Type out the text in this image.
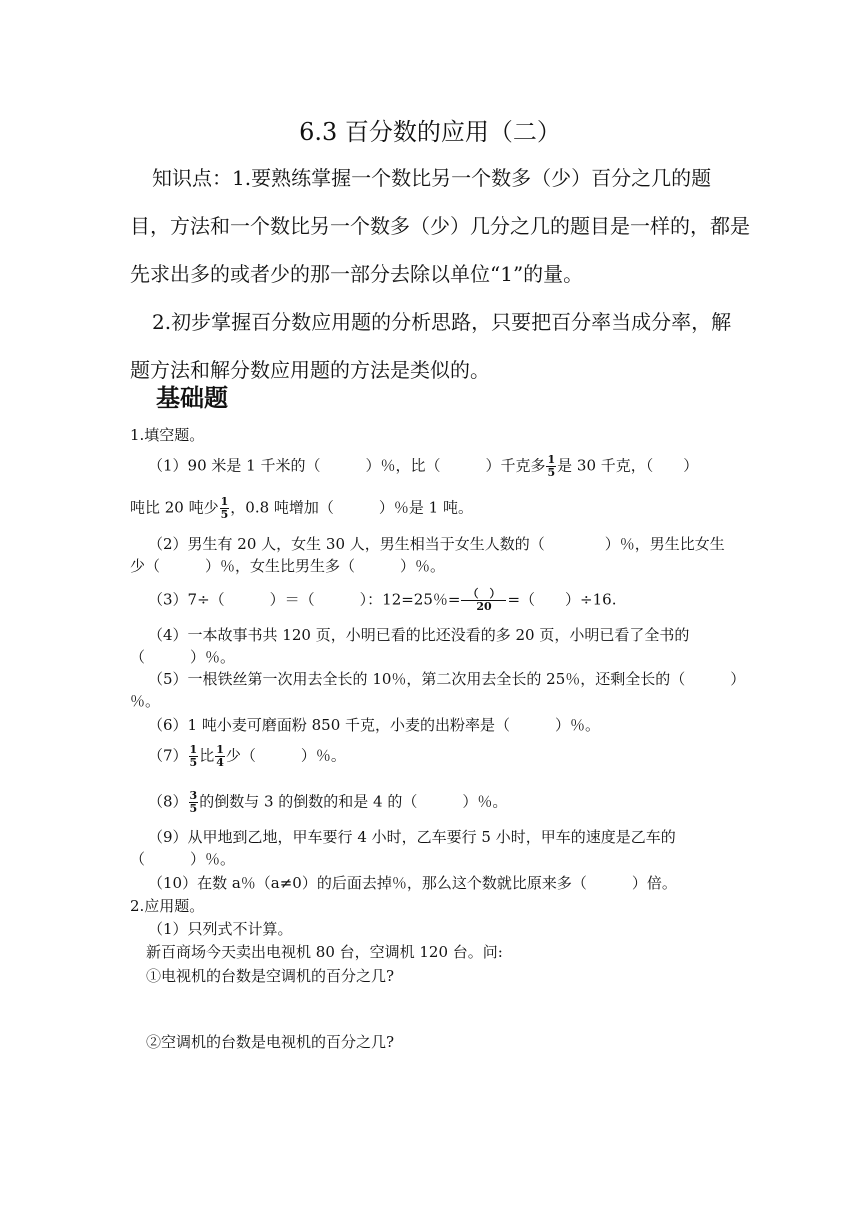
6.3 百分数的应用（二）

知识点：1.要熟练掌握一个数比另一个数多（少）百分之几的题目，方法和一个数比另一个数多（少）几分之几的题目是一样的，都是先求出多的或者少的那一部分去除以单位“1”的量。

2.初步掌握百分数应用题的分析思路，只要把百分率当成分率，解题方法和解分数应用题的方法是类似的。

基础题
1.填空题。
（1）90 米是 1 千米的（　　　）％，比（　　　）千克多 $\frac{1}{5}$ 是 30 千克，（　　）
吨比 20 吨少 $\frac{1}{5}$ ，0.8 吨增加（　　　）％是 1 吨。

（2）男生有 20 人，女生 30 人，男生相当于女生人数的（　　　　）％，男生比女生少（　　　）％，女生比男生多（　　　）％。

（3）7÷（　　　）＝（　　　）：12=25％= $\frac{( )}{20}$ =（　　）÷16.

（4）一本故事书共 120 页，小明已看的比还没看的多 20 页，小明已看了全书的（　　　）％。

（5）一根铁丝第一次用去全长的 10％，第二次用去全长的 25％，还剩全长的（　　　）％。

（6）1 吨小麦可磨面粉 850 千克，小麦的出粉率是（　　　）％。
$(7) \frac{1}{5}$ 比 $\frac{1}{4}$ 少（　　　）％。
$(8) \frac{3}{5}$ 的倒数与 3 的倒数的和是 4 的（　　　）％。

（9）从甲地到乙地，甲车要行 4 小时，乙车要行 5 小时，甲车的速度是乙车的（　　　）％。

（10）在数 a％（a≠0）的后面去掉％，那么这个数就比原来多（　　　）倍。
2.应用题。
（1）只列式不计算。
新百商场今天卖出电视机 80 台，空调机 120 台。问:
①电视机的台数是空调机的百分之几?
②空调机的台数是电视机的百分之几?
